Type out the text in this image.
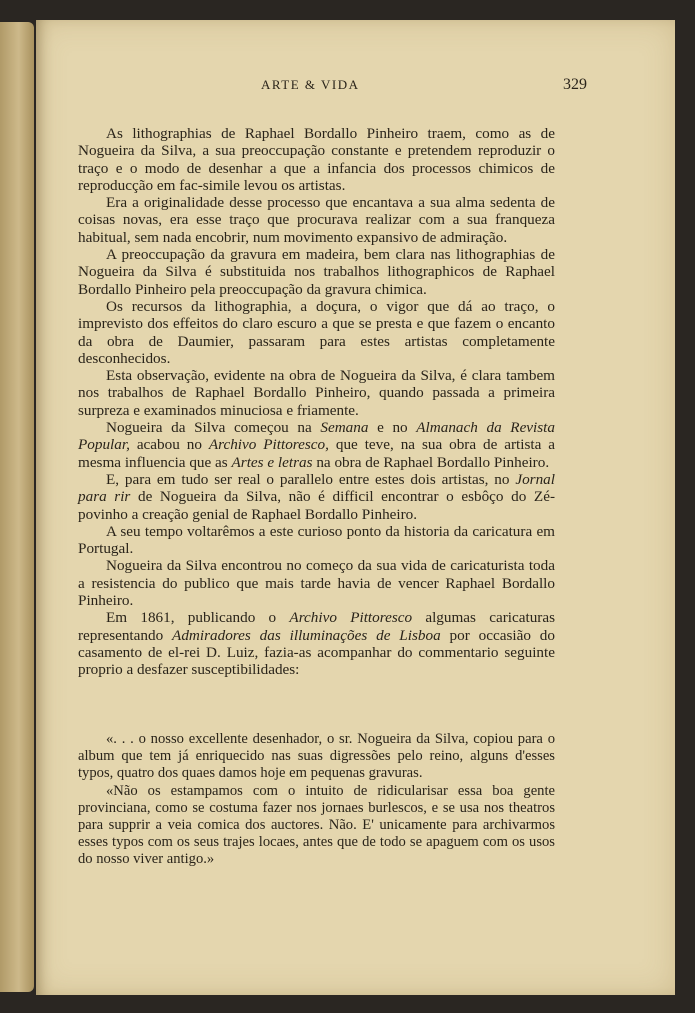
ARTE & VIDA	329

As lithographias de Raphael Bordallo Pinheiro traem, como as de Nogueira da Silva, a sua preoccupação constante e pretendem reproduzir o traço e o modo de desenhar a que a infancia dos processos chimicos de reproducção em fac-simile levou os artistas.

Era a originalidade desse processo que encantava a sua alma sedenta de coisas novas, era esse traço que procurava realizar com a sua franqueza habitual, sem nada encobrir, num movimento expansivo de admiração.

A preoccupação da gravura em madeira, bem clara nas lithographias de Nogueira da Silva é substituida nos trabalhos lithographicos de Raphael Bordallo Pinheiro pela preoccupação da gravura chimica.

Os recursos da lithographia, a doçura, o vigor que dá ao traço, o imprevisto dos effeitos do claro escuro a que se presta e que fazem o encanto da obra de Daumier, passaram para estes artistas completamente desconhecidos.

Esta observação, evidente na obra de Nogueira da Silva, é clara tambem nos trabalhos de Raphael Bordallo Pinheiro, quando passada a primeira surpreza e examinados minuciosa e friamente.

Nogueira da Silva começou na Semana e no Almanach da Revista Popular, acabou no Archivo Pittoresco, que teve, na sua obra de artista a mesma influencia que as Artes e letras na obra de Raphael Bordallo Pinheiro.

E, para em tudo ser real o parallelo entre estes dois artistas, no Jornal para rir de Nogueira da Silva, não é difficil encontrar o esbôço do Zé-povinho a creação genial de Raphael Bordallo Pinheiro.

A seu tempo voltarêmos a este curioso ponto da historia da caricatura em Portugal.

Nogueira da Silva encontrou no começo da sua vida de caricaturista toda a resistencia do publico que mais tarde havia de vencer Raphael Bordallo Pinheiro.

Em 1861, publicando o Archivo Pittoresco algumas caricaturas representando Admiradores das illuminações de Lisboa por occasião do casamento de el-rei D. Luiz, fazia-as acompanhar do commentario seguinte proprio a desfazer susceptibilidades:

«. . . o nosso excellente desenhador, o sr. Nogueira da Silva, copiou para o album que tem já enriquecido nas suas digressões pelo reino, alguns d'esses typos, quatro dos quaes damos hoje em pequenas gravuras.

«Não os estampamos com o intuito de ridicularisar essa boa gente provinciana, como se costuma fazer nos jornaes burlescos, e se usa nos theatros para supprir a veia comica dos auctores. Não. E' unicamente para archivarmos esses typos com os seus trajes locaes, antes que de todo se apaguem com os usos do nosso viver antigo.»
